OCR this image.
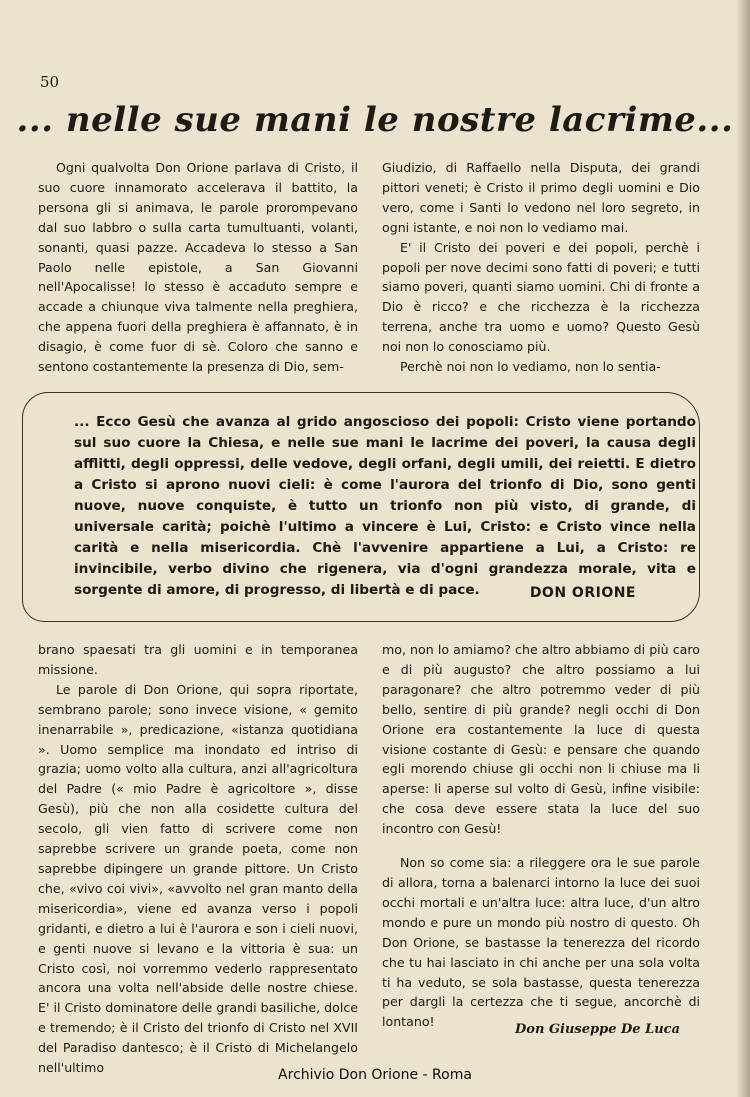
50
... nelle sue mani le nostre lacrime...

Ogni qualvolta Don Orione parlava di Cristo, il suo cuore innamorato accelerava il battito, la persona gli si animava, le parole prorompevano dal suo labbro o sulla carta tumultuanti, volanti, sonanti, quasi pazze. Accadeva lo stesso a San Paolo nelle epistole, a San Giovanni nell'Apocalisse! lo stesso è accaduto sempre e accade a chiunque viva talmente nella preghiera, che appena fuori della preghiera è affannato, è in disagio, è come fuor di sè. Coloro che sanno e sentono costantemente la presenza di Dio, sem-

Giudizio, di Raffaello nella Disputa, dei grandi pittori veneti; è Cristo il primo degli uomini e Dio vero, come i Santi lo vedono nel loro segreto, in ogni istante, e noi non lo vediamo mai.

E' il Cristo dei poveri e dei popoli, perchè i popoli per nove decimi sono fatti di poveri; e tutti siamo poveri, quanti siamo uomini. Chi di fronte a Dio è ricco? e che ricchezza è la ricchezza terrena, anche tra uomo e uomo? Questo Gesù noi non lo conosciamo più.

Perchè noi non lo vediamo, non lo sentia-

... Ecco Gesù che avanza al grido angoscioso dei popoli: Cristo viene portando sul suo cuore la Chiesa, e nelle sue mani le lacrime dei poveri, la causa degli afflitti, degli oppressi, delle vedove, degli orfani, degli umili, dei reietti. E dietro a Cristo si aprono nuovi cieli: è come l'aurora del trionfo di Dio, sono genti nuove, nuove conquiste, è tutto un trionfo non più visto, di grande, di universale carità; poichè l'ultimo a vincere è Lui, Cristo: e Cristo vince nella carità e nella misericordia. Chè l'avvenire appartiene a Lui, a Cristo: re invincibile, verbo divino che rigenera, via d'ogni grandezza morale, vita e sorgente di amore, di progresso, di libertà e di pace.	DON ORIONE

brano spaesati tra gli uomini e in temporanea missione.

Le parole di Don Orione, qui sopra riportate, sembrano parole; sono invece visione, « gemito inenarrabile », predicazione, «istanza quotidiana ». Uomo semplice ma inondato ed intriso di grazia; uomo volto alla cultura, anzi all'agricoltura del Padre (« mio Padre è agricoltore », disse Gesù), più che non alla cosidette cultura del secolo, gli vien fatto di scrivere come non saprebbe scrivere un grande poeta, come non saprebbe dipingere un grande pittore. Un Cristo che, «vivo coi vivi», «avvolto nel gran manto della misericordia», viene ed avanza verso i popoli gridanti, e dietro a lui è l'aurora e son i cieli nuovi, e genti nuove si levano e la vittoria è sua: un Cristo così, noi vorremmo vederlo rappresentato ancora una volta nell'abside delle nostre chiese. E' il Cristo dominatore delle grandi basiliche, dolce e tremendo; è il Cristo del trionfo di Cristo nel XVII del Paradiso dantesco; è il Cristo di Michelangelo nell'ultimo

mo, non lo amiamo? che altro abbiamo di più caro e di più augusto? che altro possiamo a lui paragonare? che altro potremmo veder di più bello, sentire di più grande? negli occhi di Don Orione era costantemente la luce di questa visione costante di Gesù: e pensare che quando egli morendo chiuse gli occhi non li chiuse ma li aperse: li aperse sul volto di Gesù, infine visibile: che cosa deve essere stata la luce del suo incontro con Gesù!

Non so come sia: a rileggere ora le sue parole di allora, torna a balenarci intorno la luce dei suoi occhi mortali e un'altra luce: altra luce, d'un altro mondo e pure un mondo più nostro di questo. Oh Don Orione, se bastasse la tenerezza del ricordo che tu hai lasciato in chi anche per una sola volta ti ha veduto, se sola bastasse, questa tenerezza per dargli la certezza che ti segue, ancorchè di lontano!

Don Giuseppe De Luca
Archivio Don Orione - Roma
